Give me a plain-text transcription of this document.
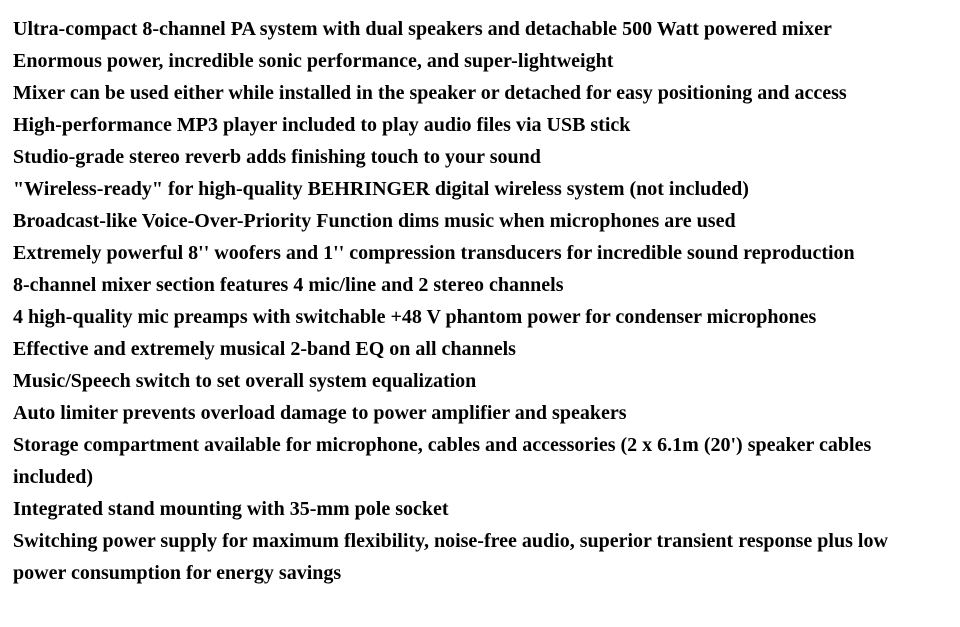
Ultra-compact 8-channel PA system with dual speakers and detachable 500 Watt powered mixer
Enormous power, incredible sonic performance, and super-lightweight
Mixer can be used either while installed in the speaker or detached for easy positioning and access
High-performance MP3 player included to play audio files via USB stick
Studio-grade stereo reverb adds finishing touch to your sound
"Wireless-ready" for high-quality BEHRINGER digital wireless system (not included)
Broadcast-like Voice-Over-Priority Function dims music when microphones are used
Extremely powerful 8'' woofers and 1'' compression transducers for incredible sound reproduction
8-channel mixer section features 4 mic/line and 2 stereo channels
4 high-quality mic preamps with switchable +48 V phantom power for condenser microphones
Effective and extremely musical 2-band EQ on all channels
Music/Speech switch to set overall system equalization
Auto limiter prevents overload damage to power amplifier and speakers
Storage compartment available for microphone, cables and accessories (2 x 6.1m (20') speaker cables included)
Integrated stand mounting with 35-mm pole socket
Switching power supply for maximum flexibility, noise-free audio, superior transient response plus low power consumption for energy savings
